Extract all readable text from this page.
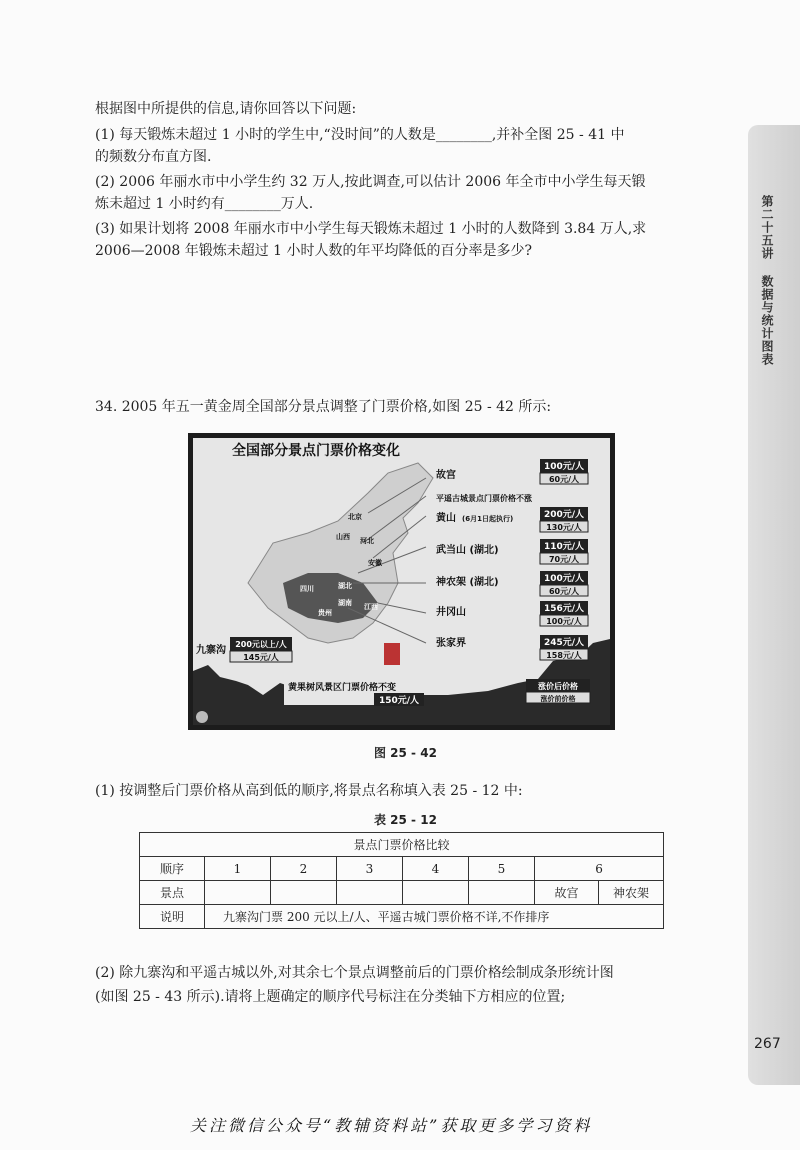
根据图中所提供的信息,请你回答以下问题:

(1) 每天锻炼未超过 1 小时的学生中,“没时间”的人数是________,并补全图 25 - 41 中

的频数分布直方图.

(2) 2006 年丽水市中小学生约 32 万人,按此调查,可以估计 2006 年全市中小学生每天锻

炼未超过 1 小时约有________万人.

(3) 如果计划将 2008 年丽水市中小学生每天锻炼未超过 1 小时的人数降到 3.84 万人,求

2006—2008 年锻炼未超过 1 小时人数的年平均降低的百分率是多少?

34. 2005 年五一黄金周全国部分景点调整了门票价格,如图 25 - 42 所示:

全国部分景点门票价格变化
北京
山西 河北
安徽
四川	湖北
湖南 江西
贵州
故宫
平遥古城景点门票价格不涨
黄山 (6月1日起执行)
武当山 (湖北)
神农架 (湖北)
井冈山
张家界
九寨沟
100元/人
60元/人
200元/人
130元/人
110元/人
70元/人
100元/人
60元/人
156元/人
100元/人
245元/人
158元/人
200元以上/人
145元/人
黄果树风景区门票价格不变
150元/人
涨价后价格
涨价前价格
图 25 - 42

(1) 按调整后门票价格从高到低的顺序,将景点名称填入表 25 - 12 中:

表 25 - 12
景点门票价格比较							
顺序	1	2	3	4	5	6	
景点						故宫	神农架
说明	九寨沟门票 200 元以上/人、平遥古城门票价格不详,不作排序						

(2) 除九寨沟和平遥古城以外,对其余七个景点调整前后的门票价格绘制成条形统计图

(如图 25 - 43 所示).请将上题确定的顺序代号标注在分类轴下方相应的位置;

第二十五讲 数据与统计图表
267
关注微信公众号“教辅资料站”获取更多学习资料
